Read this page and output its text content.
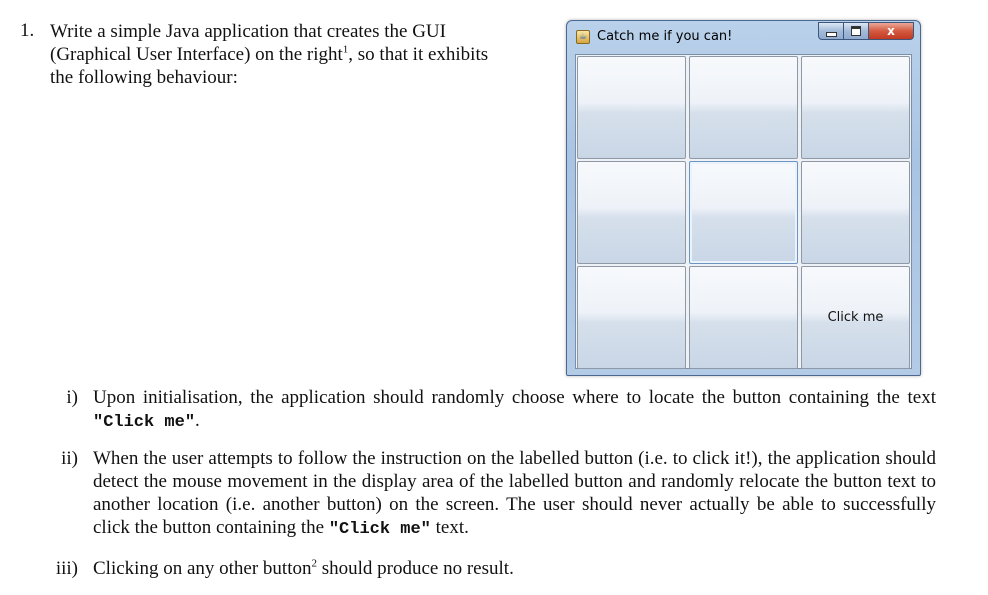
1. Write a simple Java application that creates the GUI
(Graphical User Interface) on the right$^1$, so that it exhibits
the following behaviour:
☕ Catch me if you can!	x
Click me
i) Upon initialisation, the application should randomly choose where to locate the button containing the text "Click me".
ii) When the user attempts to follow the instruction on the labelled button (i.e. to click it!), the application should detect the mouse movement in the display area of the labelled button and randomly relocate the button text to another location (i.e. another button) on the screen. The user should never actually be able to successfully click the button containing the "Click me" text.
iii) Clicking on any other button$^2$ should produce no result.
